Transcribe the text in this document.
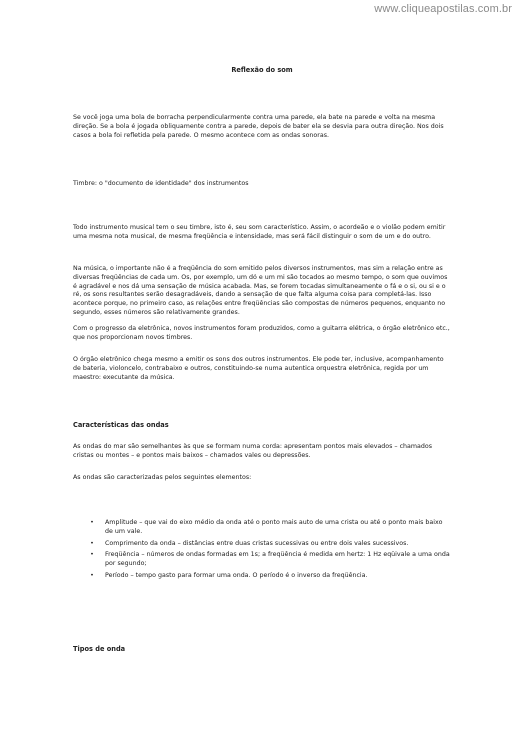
www.cliqueapostilas.com.br
Reflexão do som

Se você joga uma bola de borracha perpendicularmente contra uma parede, ela bate na parede e volta na mesma direção. Se a bola é jogada obliquamente contra a parede, depois de bater ela se desvia para outra direção. Nos dois casos a bola foi refletida pela parede. O mesmo acontece com as ondas sonoras.

Timbre: o "documento de identidade" dos instrumentos

Todo instrumento musical tem o seu timbre, isto é, seu som característico. Assim, o acordeão e o violão podem emitir uma mesma nota musical, de mesma freqüência e intensidade, mas será fácil distinguir o som de um e do outro.

Na música, o importante não é a freqüência do som emitido pelos diversos instrumentos, mas sim a relação entre as diversas freqüências de cada um. Os, por exemplo, um dó e um mi são tocados ao mesmo tempo, o som que ouvimos é agradável e nos dá uma sensação de música acabada. Mas, se forem tocadas simultaneamente o fá e o si, ou si e o ré, os sons resultantes serão desagradáveis, dando a sensação de que falta alguma coisa para completá-las. Isso acontece porque, no primeiro caso, as relações entre freqüências são compostas de números pequenos, enquanto no segundo, esses números são relativamente grandes.

Com o progresso da eletrônica, novos instrumentos foram produzidos, como a guitarra elétrica, o órgão eletrônico etc., que nos proporcionam novos timbres.

O órgão eletrônico chega mesmo a emitir os sons dos outros instrumentos. Ele pode ter, inclusive, acompanhamento de bateria, violoncelo, contrabaixo e outros, constituindo-se numa autentica orquestra eletrônica, regida por um maestro: executante da música.

Características das ondas

As ondas do mar são semelhantes às que se formam numa corda: apresentam pontos mais elevados – chamados cristas ou montes – e pontos mais baixos – chamados vales ou depressões.

As ondas são caracterizadas pelos seguintes elementos:

•	Amplitude – que vai do eixo médio da onda até o ponto mais auto de uma crista ou até o ponto mais baixo de um vale.
•	Comprimento da onda – distâncias entre duas cristas sucessivas ou entre dois vales sucessivos.
•	Freqüência – números de ondas formadas em 1s; a freqüência é medida em hertz: 1 Hz eqüivale a uma onda por segundo;
•	Período – tempo gasto para formar uma onda. O período é o inverso da freqüência.

Tipos de onda
